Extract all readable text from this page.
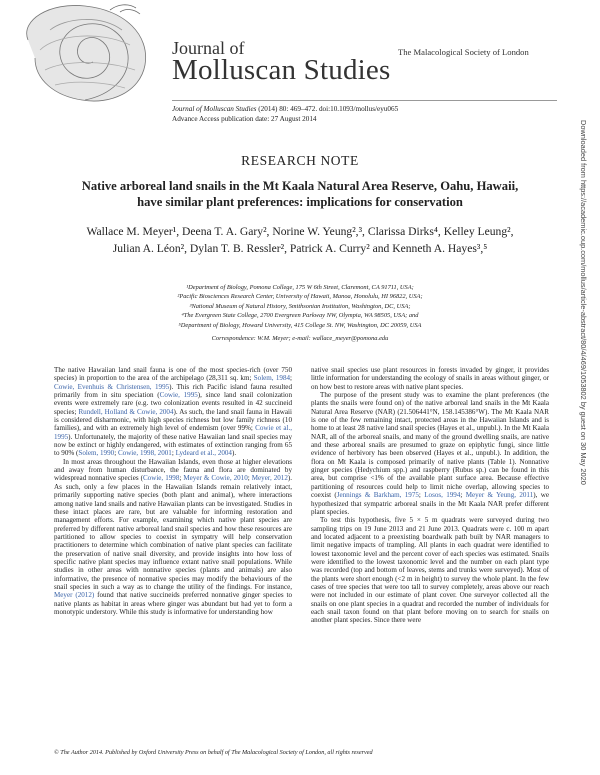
Journal of
Molluscan Studies
The Malacological Society of London
Journal of Molluscan Studies (2014) 80: 469–472. doi:10.1093/mollus/eyu065
Advance Access publication date: 27 August 2014
RESEARCH NOTE
Native arboreal land snails in the Mt Kaala Natural Area Reserve, Oahu, Hawaii, have similar plant preferences: implications for conservation
Wallace M. Meyer¹, Deena T. A. Gary², Norine W. Yeung²,³, Clarissa Dirks⁴, Kelley Leung²,
Julian A. Léon², Dylan T. B. Ressler², Patrick A. Curry² and Kenneth A. Hayes³,⁵
¹Department of Biology, Pomona College, 175 W 6th Street, Claremont, CA 91711, USA;
²Pacific Biosciences Research Center, University of Hawaii, Manoa, Honolulu, HI 96822, USA;
³National Museum of Natural History, Smithsonian Institution, Washington, DC, USA;
⁴The Evergreen State College, 2700 Evergreen Parkway NW, Olympia, WA 98505, USA; and
⁵Department of Biology, Howard University, 415 College St. NW, Washington, DC 20059, USA
Correspondence: W.M. Meyer; e-mail: wallace_meyer@pomona.edu

The native Hawaiian land snail fauna is one of the most species-rich (over 750 species) in proportion to the area of the archipelago (28,311 sq. km; Solem, 1984; Cowie, Evenhuis & Christensen, 1995). This rich Pacific island fauna resulted primarily from in situ speciation (Cowie, 1995), since land snail colonization events were extremely rare (e.g. two colonization events resulted in 42 succineid species; Rundell, Holland & Cowie, 2004). As such, the land snail fauna in Hawaii is considered disharmonic, with high species richness but low family richness (10 families), and with an extremely high level of endemism (over 99%; Cowie et al., 1995). Unfortunately, the majority of these native Hawaiian land snail species may now be extinct or highly endangered, with estimates of extinction ranging from 65 to 90% (Solem, 1990; Cowie, 1998, 2001; Lydeard et al., 2004).

In most areas throughout the Hawaiian Islands, even those at higher elevations and away from human disturbance, the fauna and flora are dominated by widespread nonnative species (Cowie, 1998; Meyer & Cowie, 2010; Meyer, 2012). As such, only a few places in the Hawaiian Islands remain relatively intact, primarily supporting native species (both plant and animal), where interactions among native land snails and native Hawaiian plants can be investigated. Studies in these intact places are rare, but are valuable for informing restoration and management efforts. For example, examining which native plant species are preferred by different native arboreal land snail species and how these resources are partitioned to allow species to coexist in sympatry will help conservation practitioners to determine which combination of native plant species can facilitate the preservation of native snail diversity, and provide insights into how loss of specific native plant species may influence extant native snail populations. While studies in other areas with nonnative species (plants and animals) are also informative, the presence of nonnative species may modify the behaviours of the snail species in such a way as to change the utility of the findings. For instance, Meyer (2012) found that native succineids preferred nonnative ginger species to native plants as habitat in areas where ginger was abundant but had yet to form a monotypic understory. While this study is informative for understanding how

native snail species use plant resources in forests invaded by ginger, it provides little information for understanding the ecology of snails in areas without ginger, or on how best to restore areas with native plant species.

The purpose of the present study was to examine the plant preferences (the plants the snails were found on) of the native arboreal land snails in the Mt Kaala Natural Area Reserve (NAR) (21.506441°N, 158.145386°W). The Mt Kaala NAR is one of the few remaining intact, protected areas in the Hawaiian Islands and is home to at least 28 native land snail species (Hayes et al., unpubl.). In the Mt Kaala NAR, all of the arboreal snails, and many of the ground dwelling snails, are native and these arboreal snails are presumed to graze on epiphytic fungi, since little evidence of herbivory has been observed (Hayes et al., unpubl.). In addition, the flora on Mt Kaala is composed primarily of native plants (Table 1). Nonnative ginger species (Hedychium spp.) and raspberry (Rubus sp.) can be found in this area, but comprise <1% of the available plant surface area. Because effective partitioning of resources could help to limit niche overlap, allowing species to coexist (Jennings & Barkham, 1975; Losos, 1994; Meyer & Yeung, 2011), we hypothesized that sympatric arboreal snails in the Mt Kaala NAR prefer different plant species.

To test this hypothesis, five 5 × 5 m quadrats were surveyed during two sampling trips on 19 June 2013 and 21 June 2013. Quadrats were c. 100 m apart and located adjacent to a preexisting boardwalk path built by NAR managers to limit negative impacts of trampling. All plants in each quadrat were identified to lowest taxonomic level and the percent cover of each species was estimated. Snails were identified to the lowest taxonomic level and the number on each plant type was recorded (top and bottom of leaves, stems and trunks were surveyed). Most of the plants were short enough (<2 m in height) to survey the whole plant. In the few cases of tree species that were too tall to survey completely, areas above our reach were not included in our estimate of plant cover. One surveyor collected all the snails on one plant species in a quadrat and recorded the number of individuals for each snail taxon found on that plant before moving on to search for snails on another plant species. Since there were

© The Author 2014. Published by Oxford University Press on behalf of The Malacological Society of London, all rights reserved
Downloaded from https://academic.oup.com/mollus/article-abstract/80/4/469/1053802 by guest on 30 May 2020
